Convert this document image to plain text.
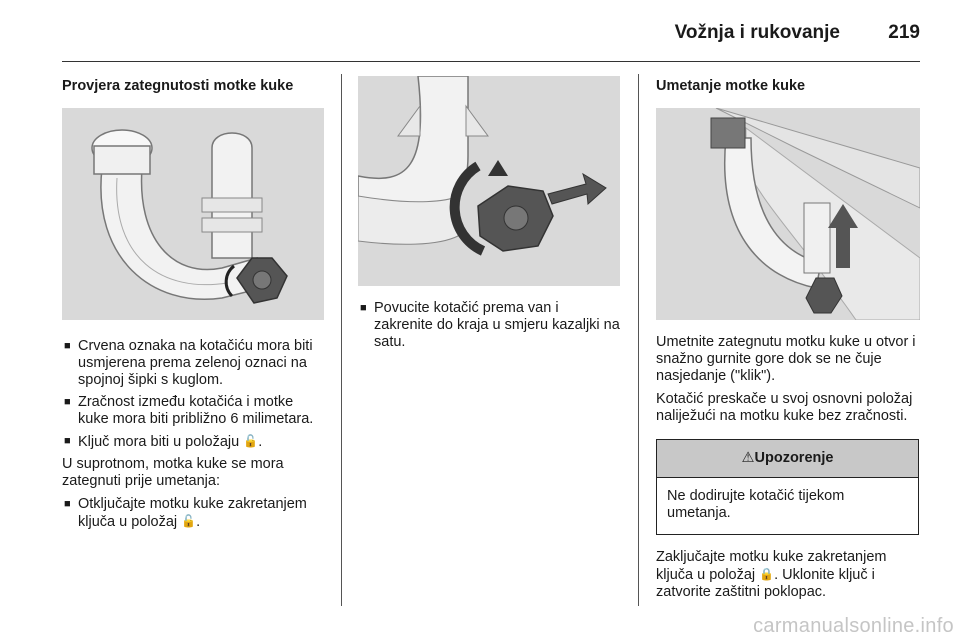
Vožnja i rukovanje	219
Provjera zategnutosti motke kuke
■ Crvena oznaka na kotačiću mora biti usmjerena prema zelenoj oznaci na spojnoj šipki s kuglom.
■ Zračnost između kotačića i motke kuke mora biti približno 6 milimetara.
■ Ključ mora biti u položaju 🔓.

U suprotnom, motka kuke se mora zategnuti prije umetanja:

■ Otključajte motku kuke zakretanjem ključa u položaj 🔓.
■ Povucite kotačić prema van i zakrenite do kraja u smjeru kazaljki na satu.
Umetanje motke kuke

Umetnite zategnutu motku kuke u otvor i snažno gurnite gore dok se ne čuje nasjedanje ("klik").

Kotačić preskače u svoj osnovni položaj naliježući na motku kuke bez zračnosti.

⚠Upozorenje
Ne dodirujte kotačić tijekom umetanja.

Zaključajte motku kuke zakretanjem ključa u položaj 🔒. Uklonite ključ i zatvorite zaštitni poklopac.

carmanualsonline.info
